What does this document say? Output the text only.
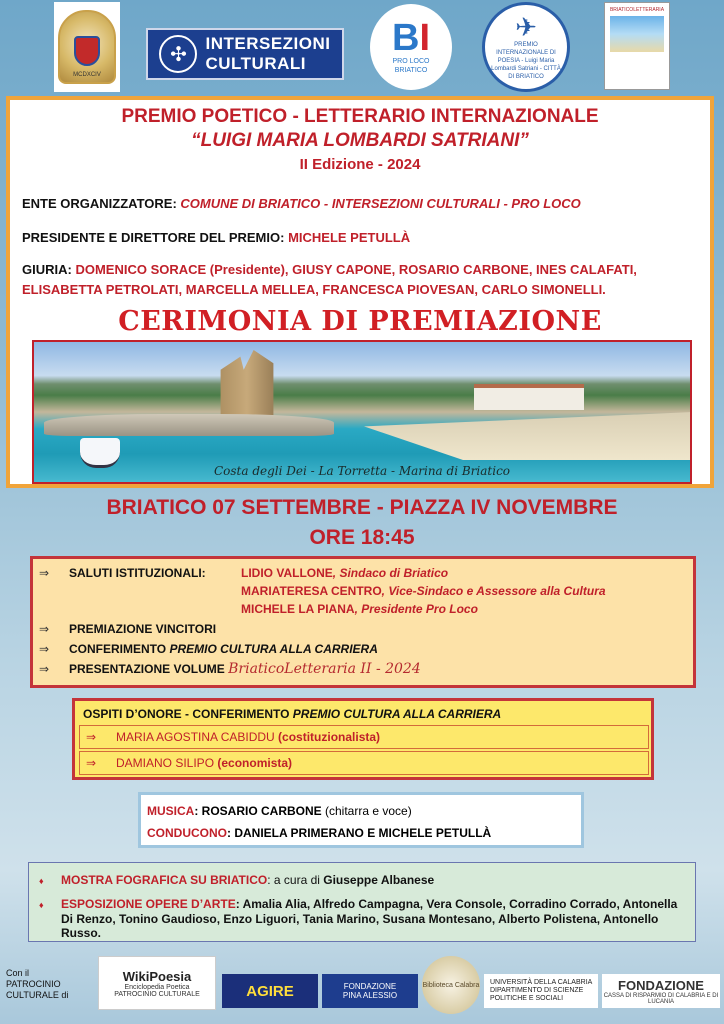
MCDXCIV
✣	INTERSEZIONI
CULTURALI
BI
PRO LOCO
BRIATICO
✈
PREMIO INTERNAZIONALE DI POESIA - Luigi Maria Lombardi Satriani - CITTÀ DI BRIATICO
BRIATICOLETTERARIA
PREMIO POETICO - LETTERARIO INTERNAZIONALE
“LUIGI MARIA LOMBARDI SATRIANI”
II Edizione - 2024
ENTE ORGANIZZATORE: COMUNE DI BRIATICO - INTERSEZIONI CULTURALI - PRO LOCO
PRESIDENTE E DIRETTORE DEL PREMIO: MICHELE PETULLÀ
GIURIA: DOMENICO SORACE (Presidente), GIUSY CAPONE, ROSARIO CARBONE, INES CALAFATI, ELISABETTA PETROLATI, MARCELLA MELLEA, FRANCESCA PIOVESAN, CARLO SIMONELLI.
CERIMONIA DI PREMIAZIONE
Costa degli Dei - La Torretta - Marina di Briatico
BRIATICO 07 SETTEMBRE - PIAZZA IV NOVEMBRE
ORE 18:45
⇒ SALUTI ISTITUZIONALI:	LIDIO VALLONE, Sindaco di Briatico
MARIATERESA CENTRO, Vice-Sindaco e Assessore alla Cultura
MICHELE LA PIANA, Presidente Pro Loco
⇒ PREMIAZIONE VINCITORI
⇒ CONFERIMENTO PREMIO CULTURA ALLA CARRIERA
⇒ PRESENTAZIONE VOLUME BriaticoLetteraria II - 2024
OSPITI D’ONORE - CONFERIMENTO PREMIO CULTURA ALLA CARRIERA
⇒ MARIA AGOSTINA CABIDDU (costituzionalista)
⇒ DAMIANO SILIPO (economista)
MUSICA: ROSARIO CARBONE (chitarra e voce)
CONDUCONO: DANIELA PRIMERANO E MICHELE PETULLÀ
♦ MOSTRA FOGRAFICA SU BRIATICO: a cura di Giuseppe Albanese
♦ ESPOSIZIONE OPERE D’ARTE: Amalia Alia, Alfredo Campagna, Vera Console, Corradino Corrado, Antonella Di Renzo, Tonino Gaudioso, Enzo Liguori, Tania Marino, Susana Montesano, Alberto Polistena, Antonello Russo.
Con il PATROCINIO
CULTURALE di
WikiPoesia
Enciclopedia Poetica
PATROCINIO CULTURALE	AGIRE	FONDAZIONE
PINA ALESSIO
Biblioteca Calabra UNIVERSITÀ DELLA CALABRIA
DIPARTIMENTO DI SCIENZE
POLITICHE E SOCIALI
FONDAZIONE
CASSA DI RISPARMIO DI CALABRIA E DI LUCANIA
